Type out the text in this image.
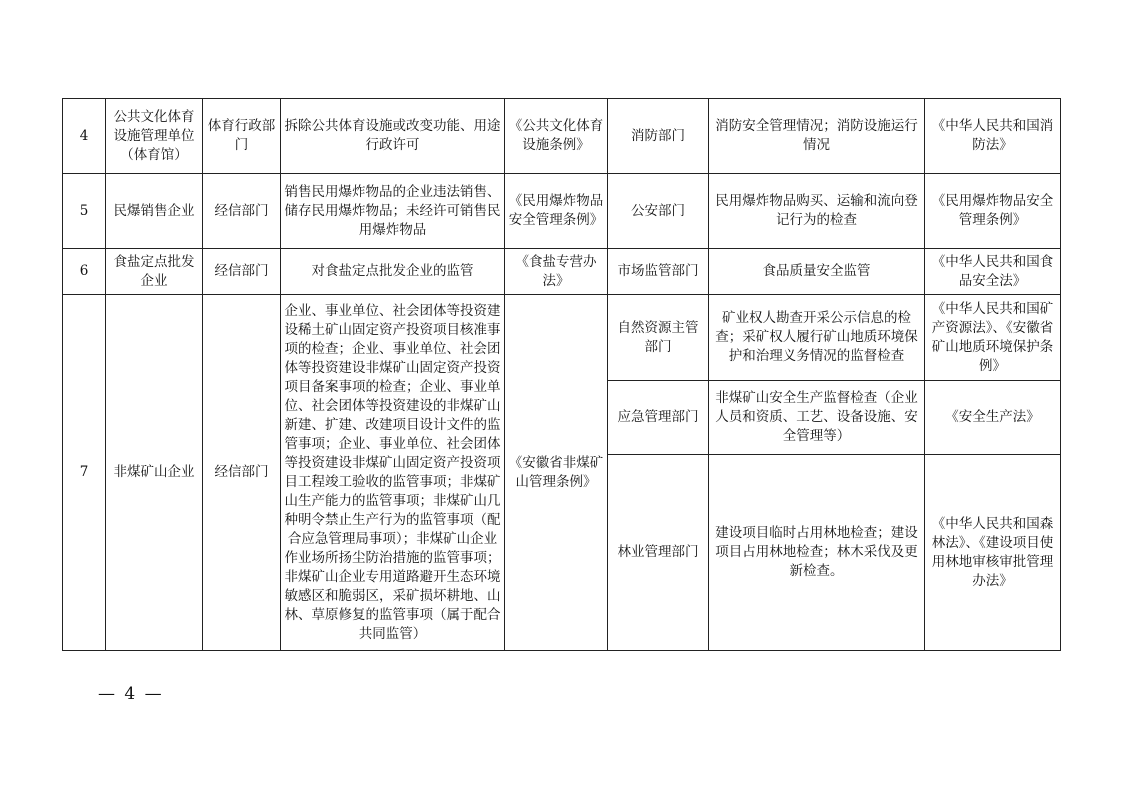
4	公共文化体育设施管理单位（体育馆）	体育行政部门	拆除公共体育设施或改变功能、用途行政许可	《公共文化体育设施条例》	消防部门	消防安全管理情况；消防设施运行情况	《中华人民共和国消防法》
5	民爆销售企业	经信部门	销售民用爆炸物品的企业违法销售、储存民用爆炸物品；未经许可销售民用爆炸物品	《民用爆炸物品安全管理条例》	公安部门	民用爆炸物品购买、运输和流向登记行为的检查	《民用爆炸物品安全管理条例》
6	食盐定点批发企业	经信部门	对食盐定点批发企业的监管	《食盐专营办法》	市场监管部门	食品质量安全监管	《中华人民共和国食品安全法》
7	非煤矿山企业	经信部门	企业、事业单位、社会团体等投资建设稀土矿山固定资产投资项目核准事项的检查；企业、事业单位、社会团体等投资建设非煤矿山固定资产投资项目备案事项的检查；企业、事业单位、社会团体等投资建设的非煤矿山新建、扩建、改建项目设计文件的监管事项；企业、事业单位、社会团体等投资建设非煤矿山固定资产投资项目工程竣工验收的监管事项；非煤矿山生产能力的监管事项；非煤矿山几种明令禁止生产行为的监管事项（配合应急管理局事项）；非煤矿山企业作业场所扬尘防治措施的监管事项；非煤矿山企业专用道路避开生态环境敏感区和脆弱区，采矿损坏耕地、山林、草原修复的监管事项（属于配合共同监管）	《安徽省非煤矿山管理条例》	自然资源主管部门	矿业权人勘查开采公示信息的检查；采矿权人履行矿山地质环境保护和治理义务情况的监督检查	《中华人民共和国矿产资源法》、《安徽省矿山地质环境保护条例》
					应急管理部门	非煤矿山安全生产监督检查（企业人员和资质、工艺、设备设施、安全管理等）	《安全生产法》
					林业管理部门	建设项目临时占用林地检查；建设项目占用林地检查；林木采伐及更新检查。	《中华人民共和国森林法》、《建设项目使用林地审核审批管理办法》
— 4 —
